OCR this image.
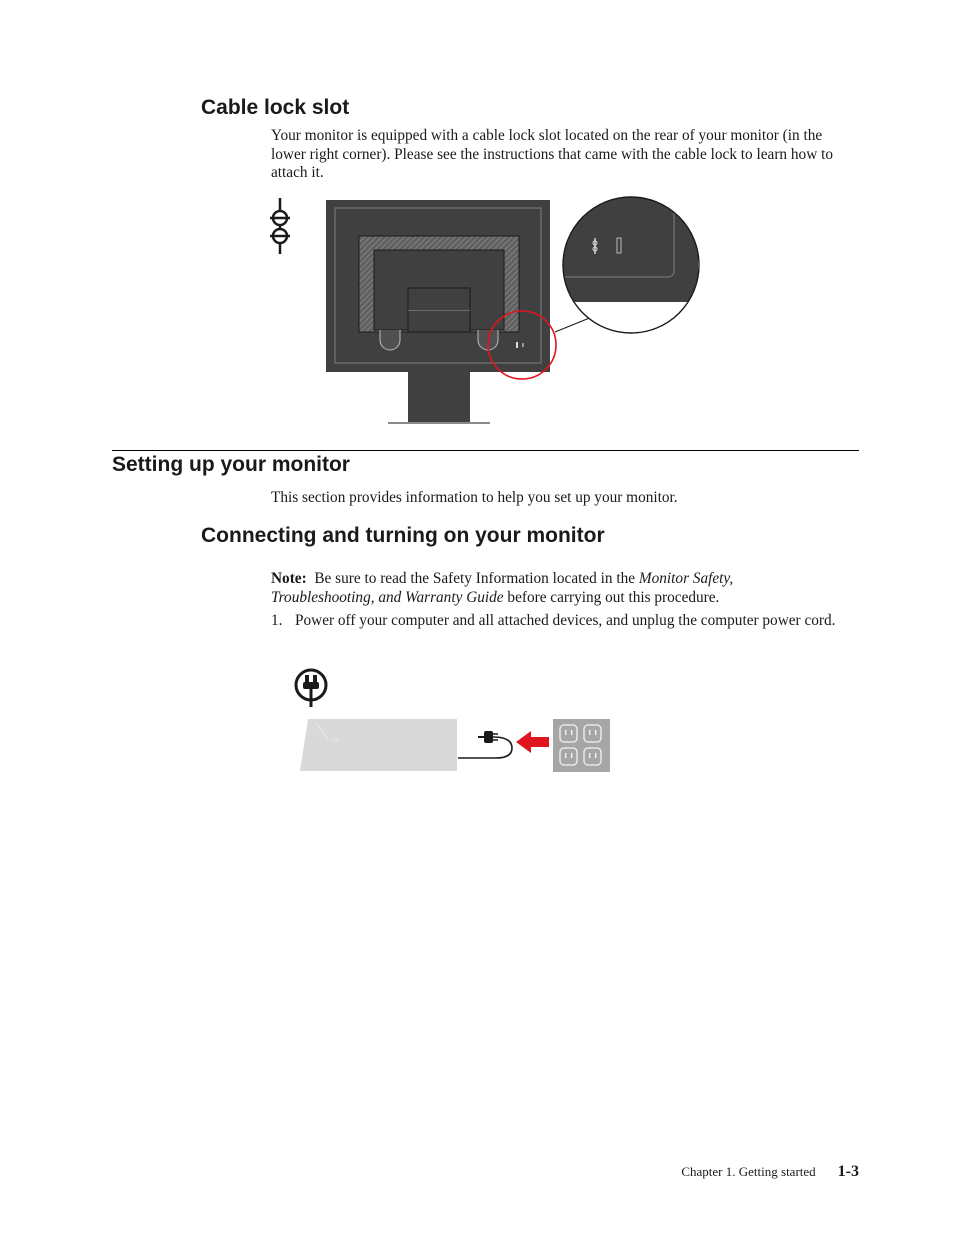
Cable lock slot

Your monitor is equipped with a cable lock slot located on the rear of your monitor (in the lower right corner). Please see the instructions that came with the cable lock to learn how to attach it.

Setting up your monitor

This section provides information to help you set up your monitor.

Connecting and turning on your monitor

Note: Be sure to read the Safety Information located in the Monitor Safety, Troubleshooting, and Warranty Guide before carrying out this procedure.

1. Power off your computer and all attached devices, and unplug the computer power cord.
Chapter 1. Getting started 1-3
